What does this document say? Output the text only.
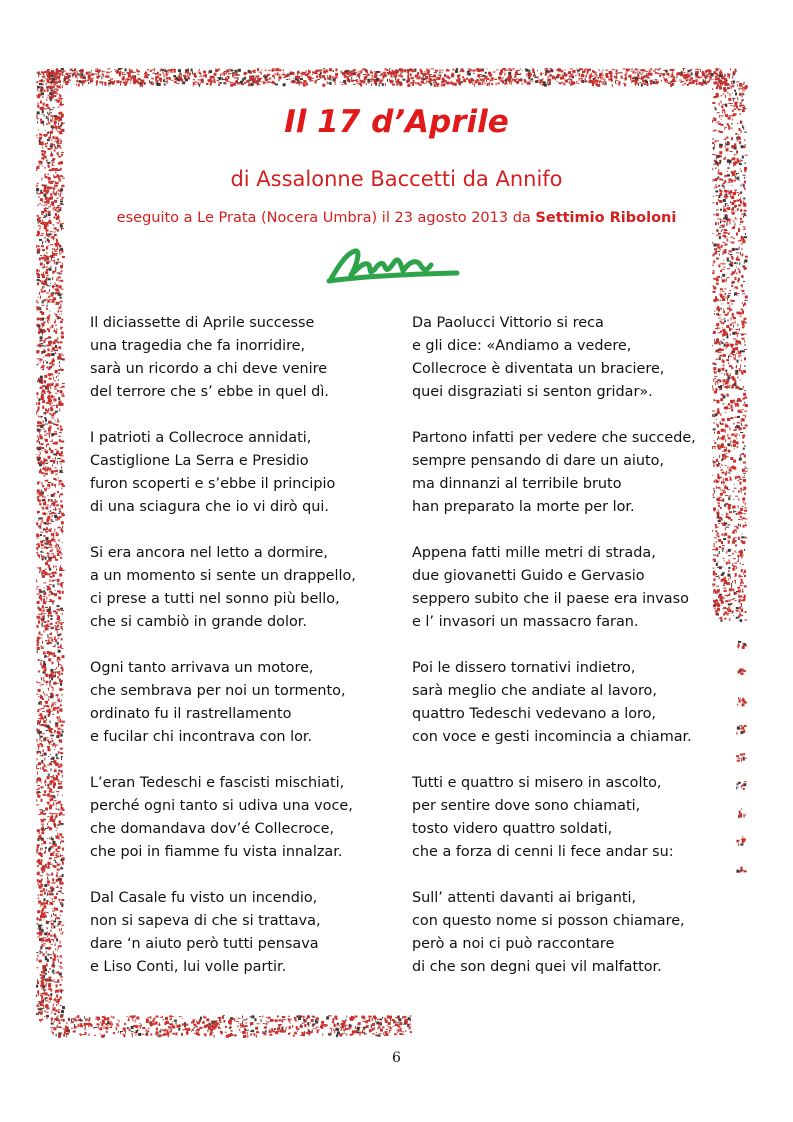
Il 17 d’Aprile

di Assalonne Baccetti da Annifo

eseguito a Le Prata (Nocera Umbra) il 23 agosto 2013 da Settimio Riboloni

Il diciassette di Aprile successe
una tragedia che fa inorridire,
sarà un ricordo a chi deve venire
del terrore che s’ ebbe in quel dì.
I patrioti a Collecroce annidati,
Castiglione La Serra e Presidio
furon scoperti e s’ebbe il principio
di una sciagura che io vi dirò qui.
Si era ancora nel letto a dormire,
a un momento si sente un drappello,
ci prese a tutti nel sonno più bello,
che si cambiò in grande dolor.
Ogni tanto arrivava un motore,
che sembrava per noi un tormento,
ordinato fu il rastrellamento
e fucilar chi incontrava con lor.
L’eran Tedeschi e fascisti mischiati,
perché ogni tanto si udiva una voce,
che domandava dov’é Collecroce,
che poi in fiamme fu vista innalzar.
Dal Casale fu visto un incendio,
non si sapeva di che si trattava,
dare ‘n aiuto però tutti pensava
e Liso Conti, lui volle partir.
Da Paolucci Vittorio si reca
e gli dice: «Andiamo a vedere,
Collecroce è diventata un braciere,
quei disgraziati si senton gridar».
Partono infatti per vedere che succede,
sempre pensando di dare un aiuto,
ma dinnanzi al terribile bruto
han preparato la morte per lor.
Appena fatti mille metri di strada,
due giovanetti Guido e Gervasio
seppero subito che il paese era invaso
e l’ invasori un massacro faran.
Poi le dissero tornativi indietro,
sarà meglio che andiate al lavoro,
quattro Tedeschi vedevano a loro,
con voce e gesti incomincia a chiamar.
Tutti e quattro si misero in ascolto,
per sentire dove sono chiamati,
tosto videro quattro soldati,
che a forza di cenni li fece andar su:
Sull’ attenti davanti ai briganti,
con questo nome si posson chiamare,
però a noi ci può raccontare
di che son degni quei vil malfattor.
6
